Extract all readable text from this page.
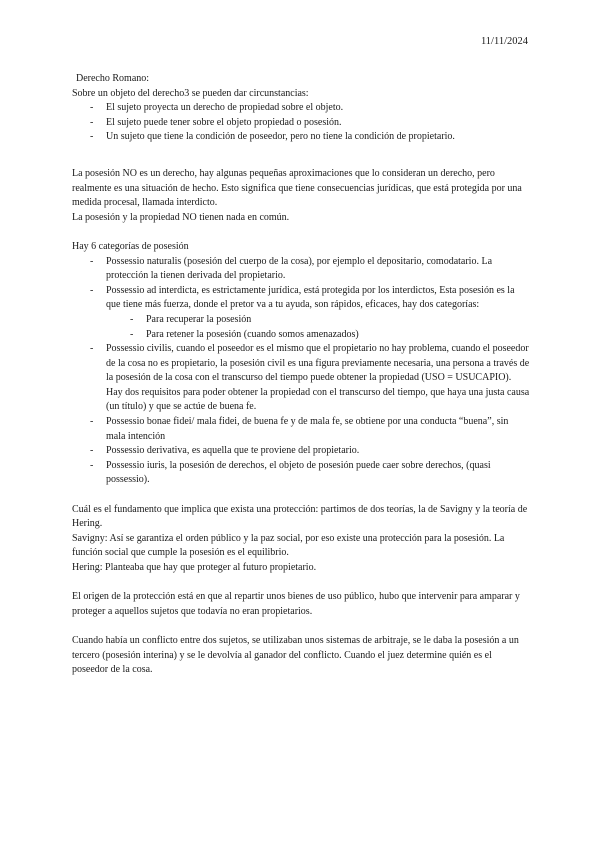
11/11/2024

Derecho Romano:

Sobre un objeto del derecho3 se pueden dar circunstancias:

- El sujeto proyecta un derecho de propiedad sobre el objeto.
- El sujeto puede tener sobre el objeto propiedad o posesión.
- Un sujeto que tiene la condición de poseedor, pero no tiene la condición de propietario.

La posesión NO es un derecho, hay algunas pequeñas aproximaciones que lo consideran un derecho, pero realmente es una situación de hecho. Esto significa que tiene consecuencias jurídicas, que está protegida por una medida procesal, llamada interdicto.

La posesión y la propiedad NO tienen nada en común.

Hay 6 categorías de posesión

- Possessio naturalis (posesión del cuerpo de la cosa), por ejemplo el depositario, comodatario. La protección la tienen derivada del propietario.
- Possessio ad interdicta, es estrictamente jurídica, está protegida por los interdictos, Esta posesión es la que tiene más fuerza, donde el pretor va a tu ayuda, son rápidos, eficaces, hay dos categorías:
- Para recuperar la posesión
- Para retener la posesión (cuando somos amenazados)
- Possessio civilis, cuando el poseedor es el mismo que el propietario no hay problema, cuando el poseedor de la cosa no es propietario, la posesión civil es una figura previamente necesaria, una persona a través de la posesión de la cosa con el transcurso del tiempo puede obtener la propiedad (USO = USUCAPIO). Hay dos requisitos para poder obtener la propiedad con el transcurso del tiempo, que haya una justa causa (un título) y que se actúe de buena fe.
- Possessio bonae fidei/ mala fidei, de buena fe y de mala fe, se obtiene por una conducta “buena”, sin mala intención
- Possessio derivativa, es aquella que te proviene del propietario.
- Possessio iuris, la posesión de derechos, el objeto de posesión puede caer sobre derechos, (quasi possessio).

Cuál es el fundamento que implica que exista una protección: partimos de dos teorías, la de Savigny y la teoría de Hering.

Savigny: Así se garantiza el orden público y la paz social, por eso existe una protección para la posesión. La función social que cumple la posesión es el equilibrio.

Hering: Planteaba que hay que proteger al futuro propietario.

El origen de la protección está en que al repartir unos bienes de uso público, hubo que intervenir para amparar y proteger a aquellos sujetos que todavía no eran propietarios.

Cuando había un conflicto entre dos sujetos, se utilizaban unos sistemas de arbitraje, se le daba la posesión a un tercero (posesión interina) y se le devolvía al ganador del conflicto. Cuando el juez determine quién es el poseedor de la cosa.
